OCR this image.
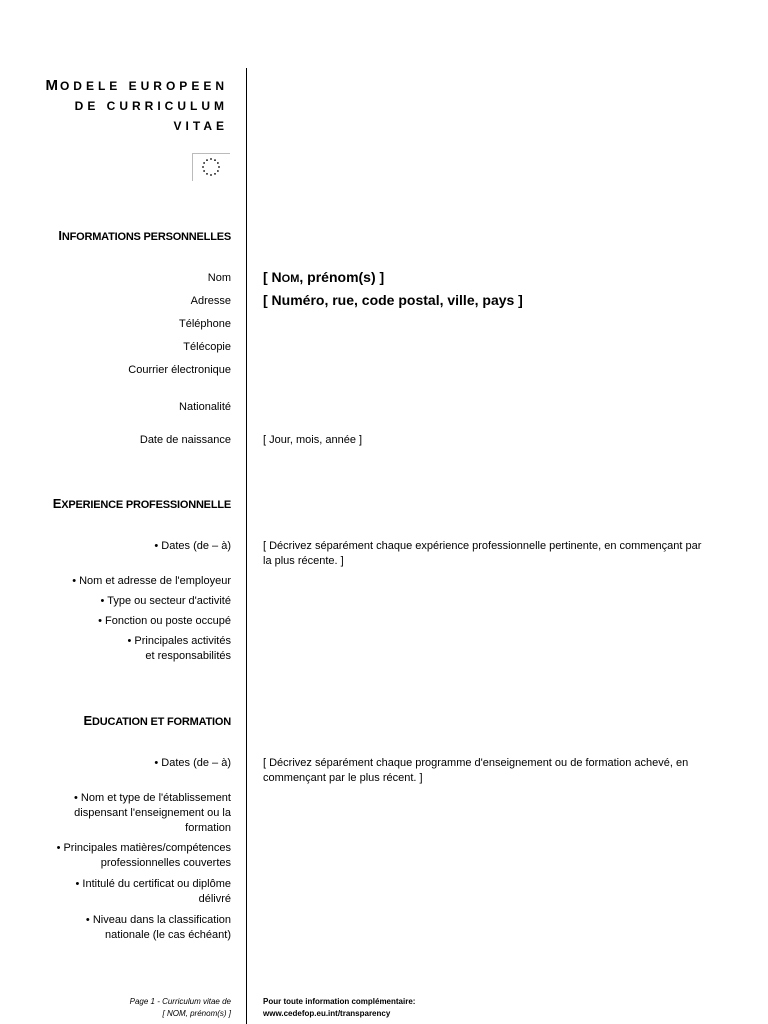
MODELE EUROPEEN
DE CURRICULUM
VITAE
INFORMATIONS PERSONNELLES
Nom
Adresse
Téléphone
Télécopie
Courrier électronique
Nationalité
Date de naissance
[ NOM, prénom(s) ]
[ Numéro, rue, code postal, ville, pays ]
[ Jour, mois, année ]
EXPERIENCE PROFESSIONNELLE
• Dates (de – à)
• Nom et adresse de l'employeur
• Type ou secteur d'activité
• Fonction ou poste occupé
• Principales activités et responsabilités
[ Décrivez séparément chaque expérience professionnelle pertinente, en commençant par la plus récente. ]
EDUCATION ET FORMATION
• Dates (de – à)
• Nom et type de l'établissement dispensant l'enseignement ou la formation
• Principales matières/compétences professionnelles couvertes
• Intitulé du certificat ou diplôme délivré
• Niveau dans la classification nationale (le cas échéant)
[ Décrivez séparément chaque programme d'enseignement ou de formation achevé, en commençant par le plus récent. ]
Page 1 - Curriculum vitae de
[ NOM, prénom(s) ]
Pour toute information complémentaire:
www.cedefop.eu.int/transparency
